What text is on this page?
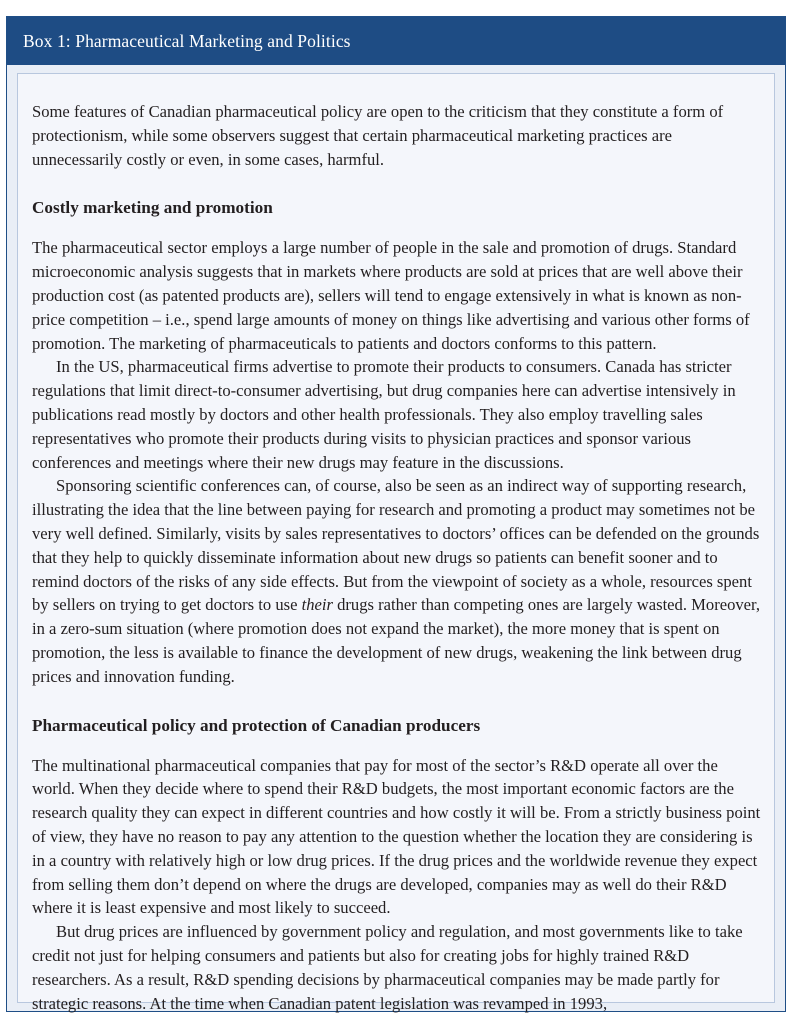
Box 1: Pharmaceutical Marketing and Politics

Some features of Canadian pharmaceutical policy are open to the criticism that they constitute a form of protectionism, while some observers suggest that certain pharmaceutical marketing practices are unnecessarily costly or even, in some cases, harmful.

Costly marketing and promotion

The pharmaceutical sector employs a large number of people in the sale and promotion of drugs. Standard microeconomic analysis suggests that in markets where products are sold at prices that are well above their production cost (as patented products are), sellers will tend to engage extensively in what is known as non-price competition – i.e., spend large amounts of money on things like advertising and various other forms of promotion. The marketing of pharmaceuticals to patients and doctors conforms to this pattern.

In the US, pharmaceutical firms advertise to promote their products to consumers. Canada has stricter regulations that limit direct-to-consumer advertising, but drug companies here can advertise intensively in publications read mostly by doctors and other health professionals. They also employ travelling sales representatives who promote their products during visits to physician practices and sponsor various conferences and meetings where their new drugs may feature in the discussions.

Sponsoring scientific conferences can, of course, also be seen as an indirect way of supporting research, illustrating the idea that the line between paying for research and promoting a product may sometimes not be very well defined. Similarly, visits by sales representatives to doctors’ offices can be defended on the grounds that they help to quickly disseminate information about new drugs so patients can benefit sooner and to remind doctors of the risks of any side effects. But from the viewpoint of society as a whole, resources spent by sellers on trying to get doctors to use their drugs rather than competing ones are largely wasted. Moreover, in a zero-sum situation (where promotion does not expand the market), the more money that is spent on promotion, the less is available to finance the development of new drugs, weakening the link between drug prices and innovation funding.

Pharmaceutical policy and protection of Canadian producers

The multinational pharmaceutical companies that pay for most of the sector’s R&D operate all over the world. When they decide where to spend their R&D budgets, the most important economic factors are the research quality they can expect in different countries and how costly it will be. From a strictly business point of view, they have no reason to pay any attention to the question whether the location they are considering is in a country with relatively high or low drug prices. If the drug prices and the worldwide revenue they expect from selling them don’t depend on where the drugs are developed, companies may as well do their R&D where it is least expensive and most likely to succeed.

But drug prices are influenced by government policy and regulation, and most governments like to take credit not just for helping consumers and patients but also for creating jobs for highly trained R&D researchers. As a result, R&D spending decisions by pharmaceutical companies may be made partly for strategic reasons. At the time when Canadian patent legislation was revamped in 1993,
